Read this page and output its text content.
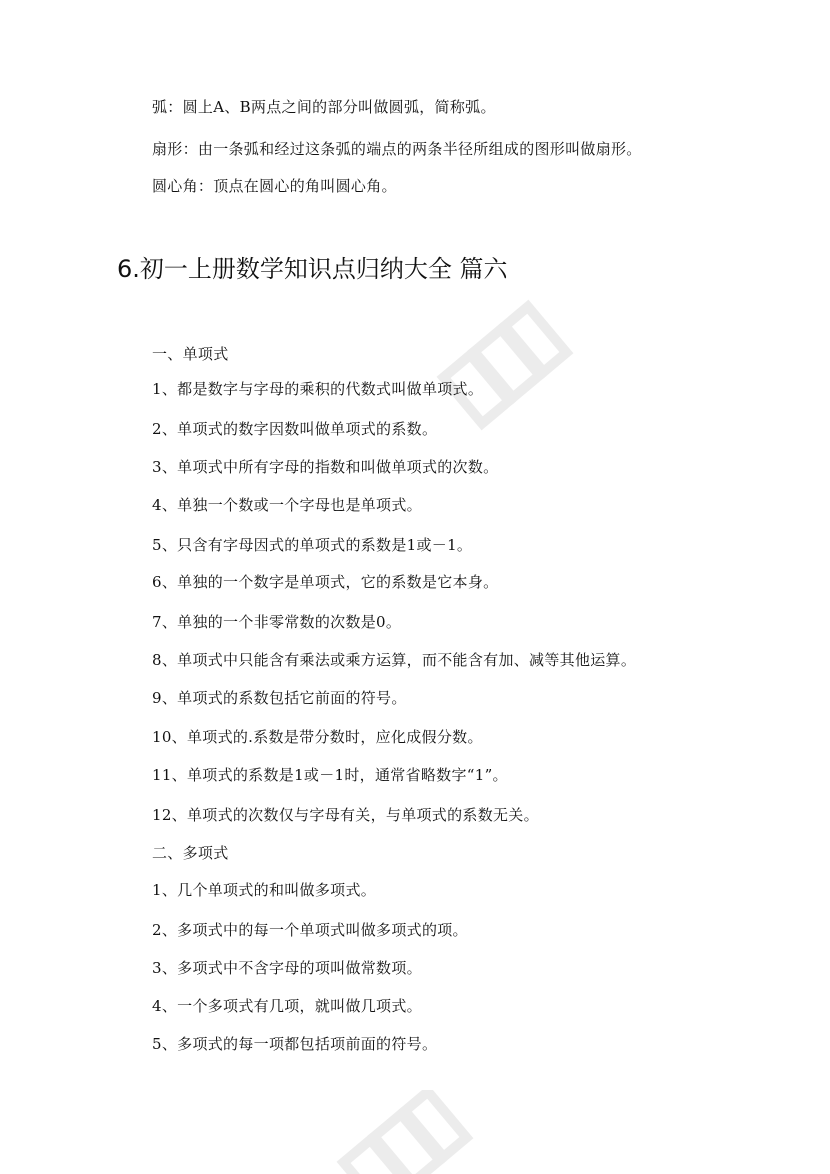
弧：圆上A、B两点之间的部分叫做圆弧，简称弧。
扇形：由一条弧和经过这条弧的端点的两条半径所组成的图形叫做扇形。
圆心角：顶点在圆心的角叫圆心角。
6.初一上册数学知识点归纳大全 篇六
一、单项式
1、都是数字与字母的乘积的代数式叫做单项式。
2、单项式的数字因数叫做单项式的系数。
3、单项式中所有字母的指数和叫做单项式的次数。
4、单独一个数或一个字母也是单项式。
5、只含有字母因式的单项式的系数是1或－1。
6、单独的一个数字是单项式，它的系数是它本身。
7、单独的一个非零常数的次数是0。
8、单项式中只能含有乘法或乘方运算，而不能含有加、减等其他运算。
9、单项式的系数包括它前面的符号。
10、单项式的.系数是带分数时，应化成假分数。
11、单项式的系数是1或－1时，通常省略数字“1”。
12、单项式的次数仅与字母有关，与单项式的系数无关。
二、多项式
1、几个单项式的和叫做多项式。
2、多项式中的每一个单项式叫做多项式的项。
3、多项式中不含字母的项叫做常数项。
4、一个多项式有几项，就叫做几项式。
5、多项式的每一项都包括项前面的符号。
